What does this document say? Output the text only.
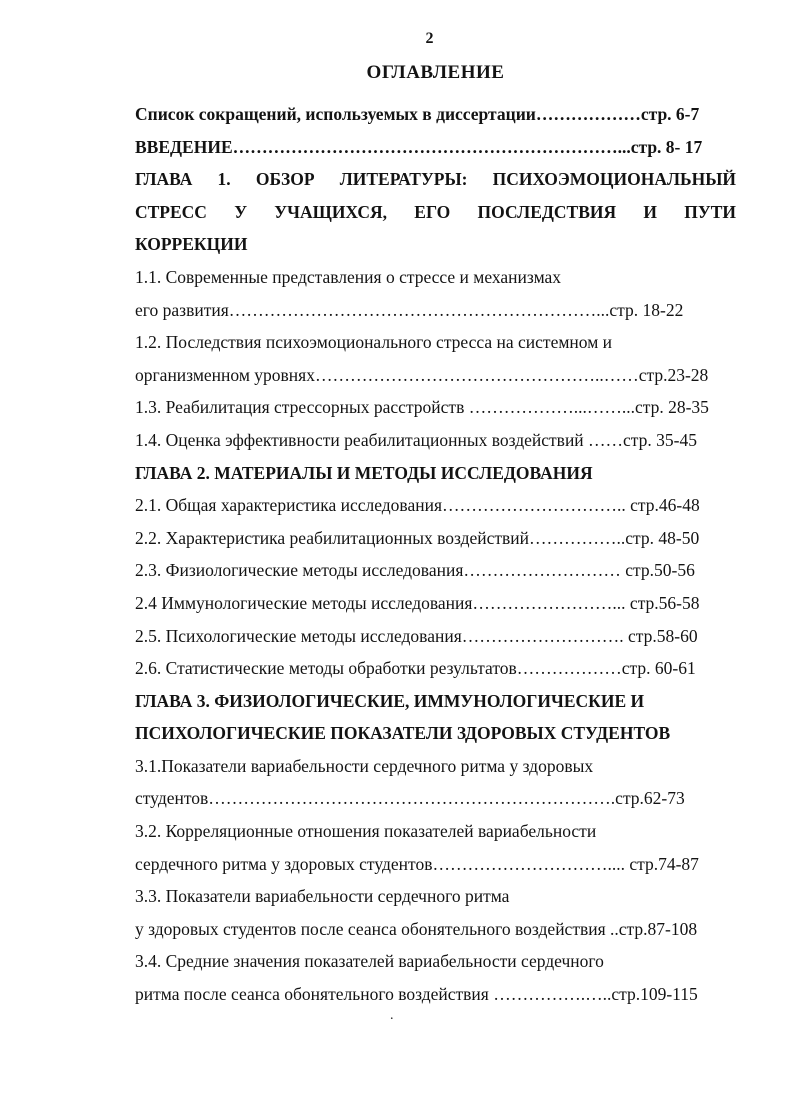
2
ОГЛАВЛЕНИЕ
Список сокращений, используемых в диссертации………………стр. 6-7
ВВЕДЕНИЕ…………………………………………………………...стр. 8- 17
ГЛАВА 1. ОБЗОР ЛИТЕРАТУРЫ: ПСИХОЭМОЦИОНАЛЬНЫЙ
СТРЕСС У УЧАЩИХСЯ, ЕГО ПОСЛЕДСТВИЯ И ПУТИ
КОРРЕКЦИИ
1.1. Современные представления о стрессе и механизмах
его развития………………………………………………………...стр. 18-22
1.2. Последствия психоэмоционального стресса на системном и
организменном уровнях…………………………………………..……стр.23-28
1.3. Реабилитация стрессорных расстройств ………………...……...стр. 28-35
1.4. Оценка эффективности реабилитационных воздействий ……стр. 35-45
ГЛАВА 2. МАТЕРИАЛЫ И МЕТОДЫ ИССЛЕДОВАНИЯ
2.1. Общая характеристика исследования………………………….. стр.46-48
2.2. Характеристика реабилитационных воздействий……………..стр. 48-50
2.3. Физиологические методы исследования……………………… стр.50-56
2.4 Иммунологические методы исследования……………………... стр.56-58
2.5. Психологические методы исследования………………………. стр.58-60
2.6. Статистические методы обработки результатов………………стр. 60-61
ГЛАВА 3. ФИЗИОЛОГИЧЕСКИЕ, ИММУНОЛОГИЧЕСКИЕ И
ПСИХОЛОГИЧЕСКИЕ ПОКАЗАТЕЛИ ЗДОРОВЫХ СТУДЕНТОВ
3.1.Показатели вариабельности сердечного ритма у здоровых
студентов…………………………………………………………….стр.62-73
3.2. Корреляционные отношения показателей вариабельности
сердечного ритма у здоровых студентов………………………….... стр.74-87
3.3. Показатели вариабельности сердечного ритма
у здоровых студентов после сеанса обонятельного воздействия ..стр.87-108
3.4. Средние значения показателей вариабельности сердечного
ритма после сеанса обонятельного воздействия …………….…..стр.109-115
.
